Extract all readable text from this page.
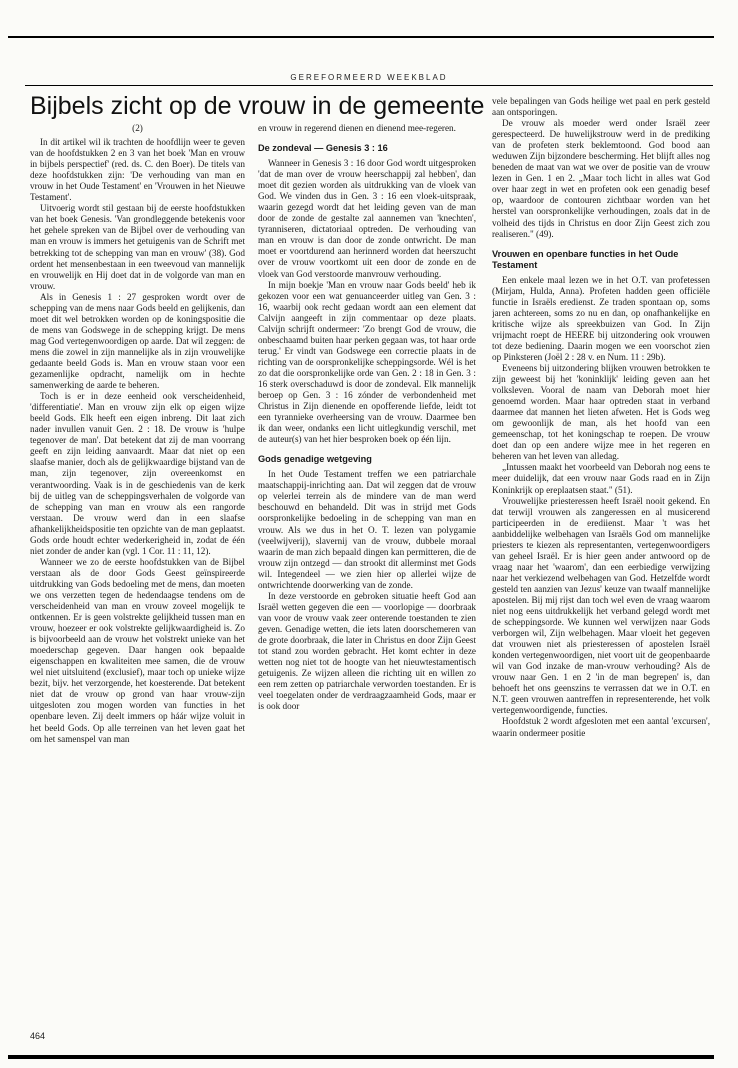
GEREFORMEERD WEEKBLAD
Bijbels zicht op de vrouw in de gemeente
(2)

In dit artikel wil ik trachten de hoofdlijn weer te geven van de hoofdstukken 2 en 3 van het boek 'Man en vrouw in bijbels perspectief' (red. ds. C. den Boer). De titels van deze hoofdstukken zijn: 'De verhouding van man en vrouw in het Oude Testament' en 'Vrouwen in het Nieuwe Testament'.

Uitvoerig wordt stil gestaan bij de eerste hoofdstukken van het boek Genesis. 'Van grondleggende betekenis voor het gehele spreken van de Bijbel over de verhouding van man en vrouw is immers het getuigenis van de Schrift met betrekking tot de schepping van man en vrouw' (38). God ordent het mensenbestaan in een tweevoud van mannelijk en vrouwelijk en Hij doet dat in de volgorde van man en vrouw.

Als in Genesis 1 : 27 gesproken wordt over de schepping van de mens naar Gods beeld en gelijkenis, dan moet dit wel betrokken worden op de koningspositie die de mens van Godswege in de schepping krijgt. De mens mag God vertegenwoordigen op aarde. Dat wil zeggen: de mens die zowel in zijn mannelijke als in zijn vrouwelijke gedaante beeld Gods is. Man en vrouw staan voor een gezamenlijke opdracht, namelijk om in hechte samenwerking de aarde te beheren.

Toch is er in deze eenheid ook verscheidenheid, 'differentiatie'. Man en vrouw zijn elk op eigen wijze beeld Gods. Elk heeft een eigen inbreng. Dit laat zich nader invullen vanuit Gen. 2 : 18. De vrouw is 'hulpe tegenover de man'. Dat betekent dat zij de man voorrang geeft en zijn leiding aanvaardt. Maar dat niet op een slaafse manier, doch als de gelijkwaardige bijstand van de man, zijn tegenover, zijn overeenkomst en verantwoording. Vaak is in de geschiedenis van de kerk bij de uitleg van de scheppingsverhalen de volgorde van de schepping van man en vrouw als een rangorde verstaan. De vrouw werd dan in een slaafse afhankelijkheidspositie ten opzichte van de man geplaatst. Gods orde houdt echter wederkerigheid in, zodat de één niet zonder de ander kan (vgl. 1 Cor. 11 : 11, 12).

Wanneer we zo de eerste hoofdstukken van de Bijbel verstaan als de door Gods Geest geïnspireerde uitdrukking van Gods bedoeling met de mens, dan moeten we ons verzetten tegen de hedendaagse tendens om de verscheidenheid van man en vrouw zoveel mogelijk te ontkennen. Er is geen volstrekte gelijkheid tussen man en vrouw, hoezeer er ook volstrekte gelijkwaardigheid is. Zo is bijvoorbeeld aan de vrouw het volstrekt unieke van het moederschap gegeven. Daar hangen ook bepaalde eigenschappen en kwaliteiten mee samen, die de vrouw wel niet uitsluitend (exclusief), maar toch op unieke wijze bezit, bijv. het verzorgende, het koesterende. Dat betekent niet dat de vrouw op grond van haar vrouw-zijn uitgesloten zou mogen worden van functies in het openbare leven. Zij deelt immers op háár wijze voluit in het beeld Gods. Op alle terreinen van het leven gaat het om het samenspel van man

en vrouw in regerend dienen en dienend mee-regeren.

De zondeval — Genesis 3 : 16

Wanneer in Genesis 3 : 16 door God wordt uitgesproken 'dat de man over de vrouw heerschappij zal hebben', dan moet dit gezien worden als uitdrukking van de vloek van God. We vinden dus in Gen. 3 : 16 een vloek-uitspraak, waarin gezegd wordt dat het leiding geven van de man door de zonde de gestalte zal aannemen van 'knechten', tyranniseren, dictatoriaal optreden. De verhouding van man en vrouw is dan door de zonde ontwricht. De man moet er voortdurend aan herinnerd worden dat heerszucht over de vrouw voortkomt uit een door de zonde en de vloek van God verstoorde manvrouw verhouding.

In mijn boekje 'Man en vrouw naar Gods beeld' heb ik gekozen voor een wat genuanceerder uitleg van Gen. 3 : 16, waarbij ook recht gedaan wordt aan een element dat Calvijn aangeeft in zijn commentaar op deze plaats. Calvijn schrijft ondermeer: 'Zo brengt God de vrouw, die onbeschaamd buiten haar perken gegaan was, tot haar orde terug.' Er vindt van Godswege een correctie plaats in de richting van de oorspronkelijke scheppingsorde. Wél is het zo dat die oorspronkelijke orde van Gen. 2 : 18 in Gen. 3 : 16 sterk overschaduwd is door de zondeval. Elk mannelijk beroep op Gen. 3 : 16 zónder de verbondenheid met Christus in Zijn dienende en opofferende liefde, leidt tot een tyrannieke overheersing van de vrouw. Daarmee ben ik dan weer, ondanks een licht uitlegkundig verschil, met de auteur(s) van het hier besproken boek op één lijn.

Gods genadige wetgeving

In het Oude Testament treffen we een patriarchale maatschappij-inrichting aan. Dat wil zeggen dat de vrouw op velerlei terrein als de mindere van de man werd beschouwd en behandeld. Dit was in strijd met Gods oorspronkelijke bedoeling in de schepping van man en vrouw. Als we dus in het O. T. lezen van polygamie (veelwijverij), slavernij van de vrouw, dubbele moraal waarin de man zich bepaald dingen kan permitteren, die de vrouw zijn ontzegd — dan strookt dit allerminst met Gods wil. Integendeel — we zien hier op allerlei wijze de ontwrichtende doorwerking van de zonde.

In deze verstoorde en gebroken situatie heeft God aan Israël wetten gegeven die een — voorlopige — doorbraak van voor de vrouw vaak zeer onterende toestanden te zien geven. Genadige wetten, die iets laten doorschemeren van de grote doorbraak, die later in Christus en door Zijn Geest tot stand zou worden gebracht. Het komt echter in deze wetten nog niet tot de hoogte van het nieuwtestamentisch getuigenis. Ze wijzen alleen die richting uit en willen zo een rem zetten op patriarchale verworden toestanden. Er is veel toegelaten onder de verdraagzaamheid Gods, maar er is ook door

vele bepalingen van Gods heilige wet paal en perk gesteld aan ontsporingen.

De vrouw als moeder werd onder Israël zeer gerespecteerd. De huwelijkstrouw werd in de prediking van de profeten sterk beklemtoond. God bood aan weduwen Zijn bijzondere bescherming. Het blijft alles nog beneden de maat van wat we over de positie van de vrouw lezen in Gen. 1 en 2. „Maar toch licht in alles wat God over haar zegt in wet en profeten ook een genadig besef op, waardoor de contouren zichtbaar worden van het herstel van oorspronkelijke verhoudingen, zoals dat in de volheid des tijds in Christus en door Zijn Geest zich zou realiseren." (49).

Vrouwen en openbare functies in het Oude Testament

Een enkele maal lezen we in het O.T. van profetessen (Mirjam, Hulda, Anna). Profeten hadden geen officiële functie in Israëls eredienst. Ze traden spontaan op, soms jaren achtereen, soms zo nu en dan, op onafhankelijke en kritische wijze als spreekbuizen van God. In Zijn vrijmacht roept de HEERE bij uitzondering ook vrouwen tot deze bediening. Daarin mogen we een voorschot zien op Pinksteren (Joël 2 : 28 v. en Num. 11 : 29b).

Eveneens bij uitzondering blijken vrouwen betrokken te zijn geweest bij het 'koninklijk' leiding geven aan het volksleven. Vooral de naam van Deborah moet hier genoemd worden. Maar haar optreden staat in verband daarmee dat mannen het lieten afweten. Het is Gods weg om gewoonlijk de man, als het hoofd van een gemeenschap, tot het koningschap te roepen. De vrouw doet dan op een andere wijze mee in het regeren en beheren van het leven van alledag.

„Intussen maakt het voorbeeld van Deborah nog eens te meer duidelijk, dat een vrouw naar Gods raad en in Zijn Koninkrijk op ereplaatsen staat." (51).

Vrouwelijke priesteressen heeft Israël nooit gekend. En dat terwijl vrouwen als zangeressen en al musicerend participeerden in de erediienst. Maar 't was het aanbiddelijke welbehagen van Israëls God om mannelijke priesters te kiezen als representanten, vertegenwoordigers van geheel Israël. Er is hier geen ander antwoord op de vraag naar het 'waarom', dan een eerbiedige verwijzing naar het verkiezend welbehagen van God. Hetzelfde wordt gesteld ten aanzien van Jezus' keuze van twaalf mannelijke apostelen. Bij mij rijst dan toch wel even de vraag waarom niet nog eens uitdrukkelijk het verband gelegd wordt met de scheppingsorde. We kunnen wel verwijzen naar Gods verborgen wil, Zijn welbehagen. Maar vloeit het gegeven dat vrouwen niet als priesteressen of apostelen Israël konden vertegenwoordigen, niet voort uit de geopenbaarde wil van God inzake de man-vrouw verhouding? Als de vrouw naar Gen. 1 en 2 'in de man begrepen' is, dan behoeft het ons geenszins te verrassen dat we in O.T. en N.T. geen vrouwen aantreffen in representerende, het volk vertegenwoordigende, functies.

Hoofdstuk 2 wordt afgesloten met een aantal 'excursen', waarin ondermeer positie

464
